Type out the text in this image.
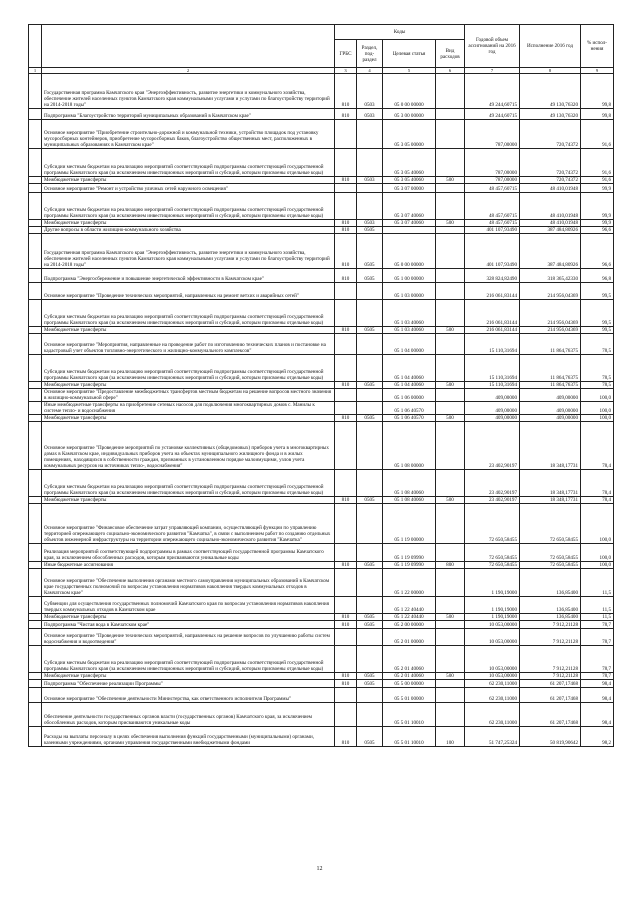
		Коды				Годовой объем ассигнований на 2016 год	Исполнение 2016 год	% испол-нения
		ГРБС	Раздел, под-раздел	Целевая статья	Вид расходов			
1	2	3	4	5	6	7	8	9
	Государственная программа Камчатского края "Энергоэффективность, развитие энергетики и коммунального хозяйства, обеспечение жителей населенных пунктов Камчатского края коммунальными услугами и услугами по благоустройству территорий на 2014-2018 годы"	810	0503	05 0 00 00000		49 244,60715	49 130,76320	99,8
	Подпрограмма "Благоустройство территорий муниципальных образований в Камчатском крае"	810	0503	05 3 00 00000		49 244,60715	49 130,76320	99,8
	Основное мероприятие "Приобретение строительно-дорожной и коммунальной техники, устройство площадок под установку мусоросборных контейнеров, приобретение мусоросборных баков, благоустройство общественных мест, расположенных в муниципальных образованиях в Камчатском крае"			05 3 05 00000		787,00000	720,74372	91,6
	Субсидии местным бюджетам на реализацию мероприятий соответствующей подпрограммы соответствующей государственной программы Камчатского края (за исключением инвестиционных мероприятий и субсидий, которым присвоены отдельные коды)			05 3 05 40060		787,00000	720,74372	91,6
	Межбюджетные трансферты	810	0503	05 3 05 40060	500	787,00000	720,74372	91,6
	Основное мероприятие "Ремонт и устройство уличных сетей наружного освещения"			05 3 07 00000		48 457,60715	48 410,01948	99,9
	Субсидии местным бюджетам на реализацию мероприятий соответствующей подпрограммы соответствующей государственной программы Камчатского края (за исключением инвестиционных мероприятий и субсидий, которым присвоены отдельные коды)			05 3 07 40060		48 457,60715	48 410,01948	99,9
	Межбюджетные трансферты	810	0503	05 3 07 40060	500	48 457,60715	48 410,01948	99,9
	Другие вопросы в области жилищно-коммунального хозяйства	810	0505			401 107,93490	387 484,80926	96,6
	Государственная программа Камчатского края "Энергоэффективность, развитие энергетики и коммунального хозяйства, обеспечение жителей населенных пунктов Камчатского края коммунальными услугами и услугами по благоустройству территорий на 2014-2018 годы"	810	0505	05 0 00 00000		401 107,93490	387 484,80926	96,6
	Подпрограмма "Энергосбережение и повышение энергетической эффективности в Камчатском крае"	810	0505	05 1 00 00000		328 824,82490	318 365,42330	96,8
	Основное мероприятие "Проведение технических мероприятий, направленных на ремонт ветхих и аварийных сетей"			05 1 03 00000		216 061,83144	214 956,04369	99,5
	Субсидии местным бюджетам на реализацию мероприятий соответствующей подпрограммы соответствующей государственной программы Камчатского края (за исключением инвестиционных мероприятий и субсидий, которым присвоены отдельные коды)			05 1 03 40060		216 061,83144	214 956,04369	99,5
	Межбюджетные трансферты	810	0505	05 1 03 40060	500	216 061,83144	214 956,04369	99,5
	Основное мероприятие "Мероприятия, направленные на проведение работ по изготовлению технических планов и постановке на кадастровый учет объектов топливно-энергетического и жилищно-коммунального комплексов"			05 1 04 00000		15 110,31694	11 864,76375	78,5
	Субсидии местным бюджетам на реализацию мероприятий соответствующей подпрограммы соответствующей государственной программы Камчатского края (за исключением инвестиционных мероприятий и субсидий, которым присвоены отдельные коды)			05 1 04 40060		15 110,31694	11 864,76375	78,5
	Межбюджетные трансферты	810	0505	05 1 04 40060	500	15 110,31694	11 864,76375	78,5
	Основное мероприятие "Предоставление межбюджетных трансфертов местным бюджетам на решение вопросов местного значения в жилищно-коммунальной сфере"			05 1 06 00000		409,00000	409,00000	100,0
	Иные межбюджетные трансферты на приобретение сетевых насосов для подключения многоквартирных домов с. Манилы к системе тепло- и водоснабжения			05 1 06 40570		409,00000	409,00000	100,0
	Межбюджетные трансферты	810	0505	05 1 06 40570	500	409,00000	409,00000	100,0
	Основное мероприятие "Проведение мероприятий по установке коллективных (общедомовых) приборов учета в многоквартирных домах в Камчатском крае, индивидуальных приборов учета на объектах муниципального жилищного фонда и в жилых помещениях, находящихся в собственности граждан, признанных в установленном порядке малоимущими, узлов учета коммунальных ресурсов на источниках тепло-, водоснабжения"			05 1 08 00000		23 402,90197	18 348,17731	78,4
	Субсидии местным бюджетам на реализацию мероприятий соответствующей подпрограммы соответствующей государственной программы Камчатского края (за исключением инвестиционных мероприятий и субсидий, которым присвоены отдельные коды)			05 1 08 40060		23 402,90197	18 348,17731	78,4
	Межбюджетные трансферты	810	0505	05 1 08 40060	500	23 402,90197	18 348,17731	78,4
	Основное мероприятие "Финансовое обеспечение затрат управляющей компании, осуществляющей функции по управлению территорией опережающего социально-экономического развития "Камчатка", в связи с выполнением работ по созданию отдельных объектов инженерной инфраструктуры на территории опережающего социально-экономического развития "Камчатка"			05 1 19 00000		72 650,58455	72 650,58455	100,0
	Реализация мероприятий соответствующей подпрограммы в рамках соответствующей государственной программы Камчатского края, за исключением обособленных расходов, которым присваиваются уникальные коды			05 1 19 09990		72 650,58455	72 650,58455	100,0
	Иные бюджетные ассигнования	810	0505	05 1 19 09990	800	72 650,58455	72 650,58455	100,0
	Основное мероприятие "Обеспечение выполнения органами местного самоуправления муниципальных образований в Камчатском крае государственных полномочий по вопросам установления нормативов накопления твердых коммунальных отходов в Камчатском крае"			05 1 22 00000		1 190,19000	136,85400	11,5
	Субвенции для осуществления государственных полномочий Камчатского края по вопросам установления нормативов накопления твердых коммунальных отходов в Камчатском крае			05 1 22 40440		1 190,19000	136,85400	11,5
	Межбюджетные трансферты	810	0505	05 1 22 40440	500	1 190,19000	136,85400	11,5
	Подпрограмма "Чистая вода в Камчатском крае"	810	0505	05 2 00 00000		10 053,00000	7 912,21128	78,7
	Основное мероприятие "Проведение технических мероприятий, направленных на решение вопросов по улучшению работы систем водоснабжения и водоотведения"			05 2 01 00000		10 053,00000	7 912,21128	78,7
	Субсидии местным бюджетам на реализацию мероприятий соответствующей подпрограммы соответствующей государственной программы Камчатского края (за исключением инвестиционных мероприятий и субсидий, которым присвоены отдельные коды)			05 2 01 40060		10 053,00000	7 912,21128	78,7
	Межбюджетные трансферты	810	0505	05 2 01 40060	500	10 053,00000	7 912,21128	78,7
	Подпрограмма "Обеспечение реализации Программы"	810	0505	05 5 00 00000		62 230,11000	61 207,17468	98,4
	Основное мероприятие "Обеспечение деятельности Министерства, как ответственного исполнителя Программы"			05 5 01 00000		62 230,11000	61 207,17468	98,4
	Обеспечение деятельности государственных органов власти (государственных органов) Камчатского края, за исключением обособленных расходов, которым присваиваются уникальные коды			05 5 01 10010		62 230,11000	61 207,17468	98,4
	Расходы на выплаты персоналу в целях обеспечения выполнения функций государственными (муниципальными) органами, казенными учреждениями, органами управления государственными внебюджетными фондами	810	0505	05 5 01 10010	100	51 747,25324	50 819,90642	98,2
12
